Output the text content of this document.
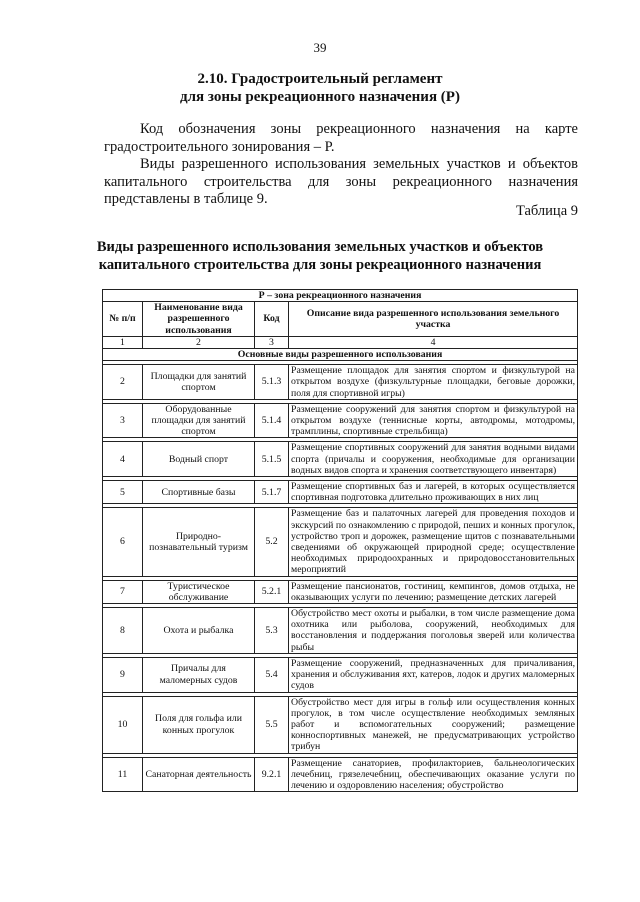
39
2.10. Градостроительный регламент
для зоны рекреационного назначения (Р)

Код обозначения зоны рекреационного назначения на карте градостроительного зонирования – Р.

Виды разрешенного использования земельных участков и объектов капитального строительства для зоны рекреационного назначения представлены в таблице 9.

Таблица 9
Виды разрешенного использования земельных участков и объектов
капитального строительства для зоны рекреационного назначения
Р – зона рекреационного назначения			
№ п/п	Наименование вида разрешенного использования	Код	Описание вида разрешенного использования земельного участка
1	2	3	4
Основные виды разрешенного использования			

2	Площадки для занятий спортом	5.1.3	Размещение площадок для занятия спортом и физкультурой на открытом воздухе (физкультурные площадки, беговые дорожки, поля для спортивной игры)

3	Оборудованные площадки для занятий спортом	5.1.4	Размещение сооружений для занятия спортом и физкультурой на открытом воздухе (теннисные корты, автодромы, мотодромы, трамплины, спортивные стрельбища)

4	Водный спорт	5.1.5	Размещение спортивных сооружений для занятия водными видами спорта (причалы и сооружения, необходимые для организации водных видов спорта и хранения соответствующего инвентаря)

5	Спортивные базы	5.1.7	Размещение спортивных баз и лагерей, в которых осуществляется спортивная подготовка длительно проживающих в них лиц

6	Природно-познавательный туризм	5.2	Размещение баз и палаточных лагерей для проведения походов и экскурсий по ознакомлению с природой, пеших и конных прогулок, устройство троп и дорожек, размещение щитов с познавательными сведениями об окружающей природной среде; осуществление необходимых природоохранных и природовосстановительных мероприятий

7	Туристическое обслуживание	5.2.1	Размещение пансионатов, гостиниц, кемпингов, домов отдыха, не оказывающих услуги по лечению; размещение детских лагерей

8	Охота и рыбалка	5.3	Обустройство мест охоты и рыбалки, в том числе размещение дома охотника или рыболова, сооружений, необходимых для восстановления и поддержания поголовья зверей или количества рыбы

9	Причалы для маломерных судов	5.4	Размещение сооружений, предназначенных для причаливания, хранения и обслуживания яхт, катеров, лодок и других маломерных судов

10	Поля для гольфа или конных прогулок	5.5	Обустройство мест для игры в гольф или осуществления конных прогулок, в том числе осуществление необходимых земляных работ и вспомогательных сооружений; размещение конноспортивных манежей, не предусматривающих устройство трибун

11	Санаторная деятельность	9.2.1	Размещение санаториев, профилакториев, бальнеологических лечебниц, грязелечебниц, обеспечивающих оказание услуги по лечению и оздоровлению населения; обустройство
